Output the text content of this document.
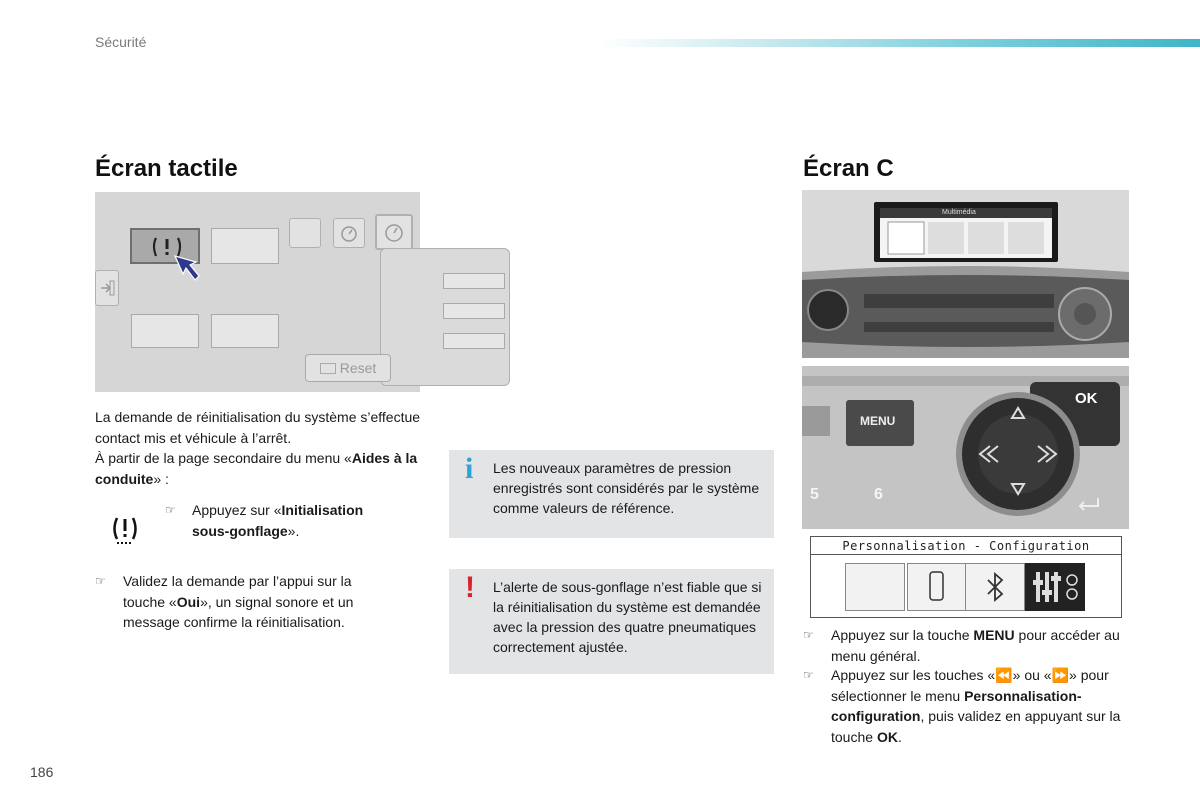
Sécurité
Écran tactile
Reset
La demande de réinitialisation du système s’effectue contact mis et véhicule à l’arrêt.
À partir de la page secondaire du menu «Aides à la conduite» :
☞ Appuyez sur «Initialisation sous-gonflage».
☞ Validez la demande par l’appui sur la touche «Oui», un signal sonore et un message confirme la réinitialisation.
i Les nouveaux paramètres de pression enregistrés sont considérés par le système comme valeurs de référence.
! L’alerte de sous-gonflage n’est fiable que si la réinitialisation du système est demandée avec la pression des quatre pneumatiques correctement ajustée.
Écran C
Multimédia
MENU
OK
5	6
Personnalisation - Configuration
☞ Appuyez sur la touche MENU pour accéder au menu général.
☞ Appuyez sur les touches «⏪» ou «⏩» pour sélectionner le menu Personnalisation-configuration, puis validez en appuyant sur la touche OK.
186
